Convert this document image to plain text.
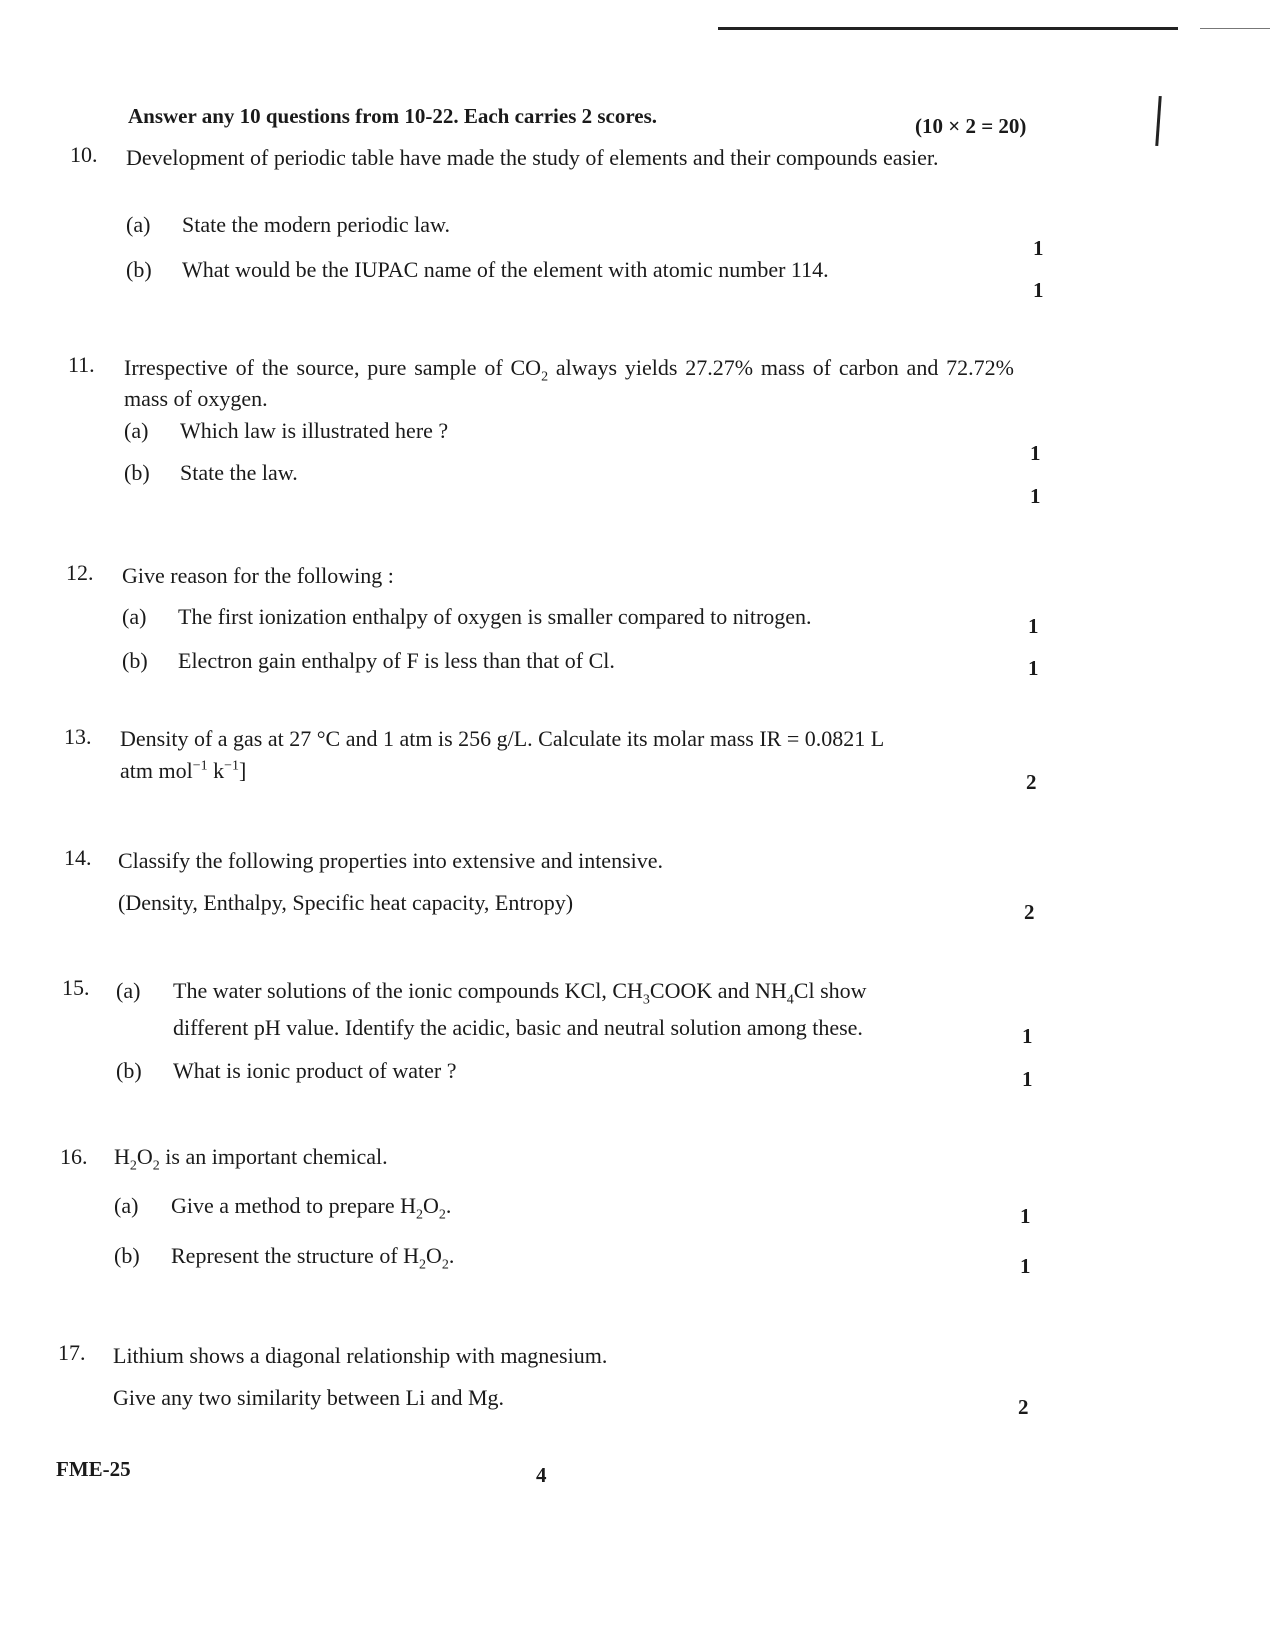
Answer any 10 questions from 10-22. Each carries 2 scores.	(10 × 2 = 20)
10. Development of periodic table have made the study of elements and their compounds easier.
(a) State the modern periodic law.
1
(b) What would be the IUPAC name of the element with atomic number 114.
1
11. Irrespective of the source, pure sample of $CO_2$ always yields 27.27% mass of carbon and 72.72% mass of oxygen.
(a) Which law is illustrated here ?
1
(b) State the law.
1
12. Give reason for the following :
(a) The first ionization enthalpy of oxygen is smaller compared to nitrogen.	1
(b) Electron gain enthalpy of F is less than that of Cl.	1
13. Density of a gas at 27 °C and 1 atm is 256 g/L. Calculate its molar mass IR = 0.0821 L
atm mol$^{-1}$ $k^{-1}$]	2
14. Classify the following properties into extensive and intensive.
(Density, Enthalpy, Specific heat capacity, Entropy)	2
15. (a) The water solutions of the ionic compounds KCl, $CH_3COOK$ and $NH_4Cl$ show
different pH value. Identify the acidic, basic and neutral solution among these.	1
(b) What is ionic product of water ?	1
16. $H_2O_2$ is an important chemical.
(a) Give a method to prepare $H_2O_2$.	1
(b) Represent the structure of $H_2O_2$.	1
17. Lithium shows a diagonal relationship with magnesium.
Give any two similarity between Li and Mg.	2
FME-25	4
